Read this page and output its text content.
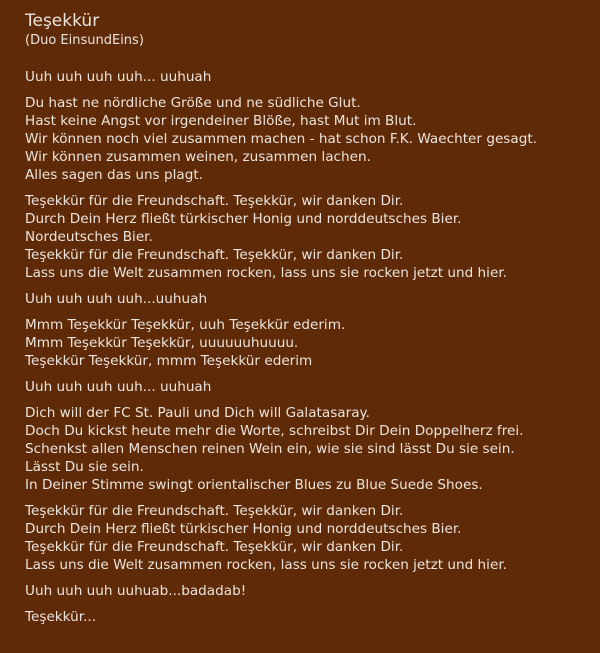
Teşekkür
(Duo EinsundEins)

Uuh uuh uuh uuh... uuhuah

Du hast ne nördliche Größe und ne südliche Glut.
Hast keine Angst vor irgendeiner Blöße, hast Mut im Blut.
Wir können noch viel zusammen machen - hat schon F.K. Waechter gesagt.
Wir können zusammen weinen, zusammen lachen.
Alles sagen das uns plagt.

Teşekkür für die Freundschaft. Teşekkür, wir danken Dir.
Durch Dein Herz fließt türkischer Honig und norddeutsches Bier.
Nordeutsches Bier.
Teşekkür für die Freundschaft. Teşekkür, wir danken Dir.
Lass uns die Welt zusammen rocken, lass uns sie rocken jetzt und hier.

Uuh uuh uuh uuh...uuhuah

Mmm Teşekkür Teşekkür, uuh Teşekkür ederim.
Mmm Teşekkür Teşekkür, uuuuuuhuuuu.
Teşekkür Teşekkür, mmm Teşekkür ederim

Uuh uuh uuh uuh... uuhuah

Dich will der FC St. Pauli und Dich will Galatasaray.
Doch Du kickst heute mehr die Worte, schreibst Dir Dein Doppelherz frei.
Schenkst allen Menschen reinen Wein ein, wie sie sind lässt Du sie sein.
Lässt Du sie sein.
In Deiner Stimme swingt orientalischer Blues zu Blue Suede Shoes.

Teşekkür für die Freundschaft. Teşekkür, wir danken Dir.
Durch Dein Herz fließt türkischer Honig und norddeutsches Bier.
Teşekkür für die Freundschaft. Teşekkür, wir danken Dir.
Lass uns die Welt zusammen rocken, lass uns sie rocken jetzt und hier.

Uuh uuh uuh uuhuab...badadab!

Teşekkür...
